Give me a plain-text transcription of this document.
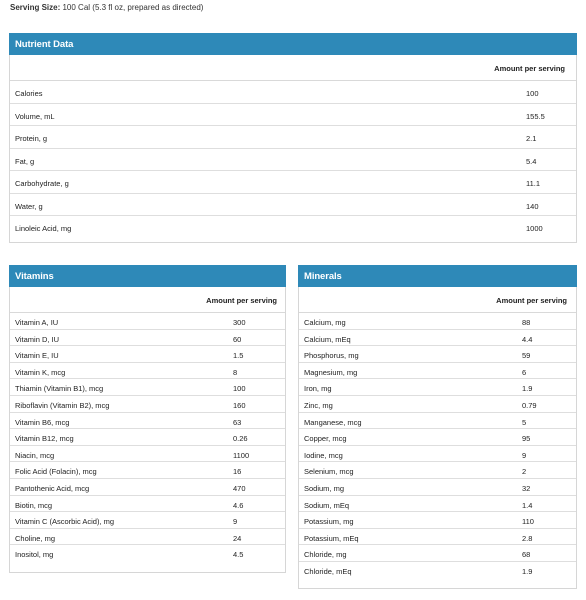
Serving Size: 100 Cal (5.3 fl oz, prepared as directed)
Nutrient Data
Amount per serving
Calories	100
Volume, mL	155.5
Protein, g	2.1
Fat, g	5.4
Carbohydrate, g	11.1
Water, g	140
Linoleic Acid, mg	1000
Vitamins
Amount per serving
Vitamin A, IU	300
Vitamin D, IU	60
Vitamin E, IU	1.5
Vitamin K, mcg	8
Thiamin (Vitamin B1), mcg	100
Riboflavin (Vitamin B2), mcg	160
Vitamin B6, mcg	63
Vitamin B12, mcg	0.26
Niacin, mcg	1100
Folic Acid (Folacin), mcg	16
Pantothenic Acid, mcg	470
Biotin, mcg	4.6
Vitamin C (Ascorbic Acid), mg	9
Choline, mg	24
Inositol, mg	4.5
Minerals
Amount per serving
Calcium, mg	88
Calcium, mEq	4.4
Phosphorus, mg	59
Magnesium, mg	6
Iron, mg	1.9
Zinc, mg	0.79
Manganese, mcg	5
Copper, mcg	95
Iodine, mcg	9
Selenium, mcg	2
Sodium, mg	32
Sodium, mEq	1.4
Potassium, mg	110
Potassium, mEq	2.8
Chloride, mg	68
Chloride, mEq	1.9
